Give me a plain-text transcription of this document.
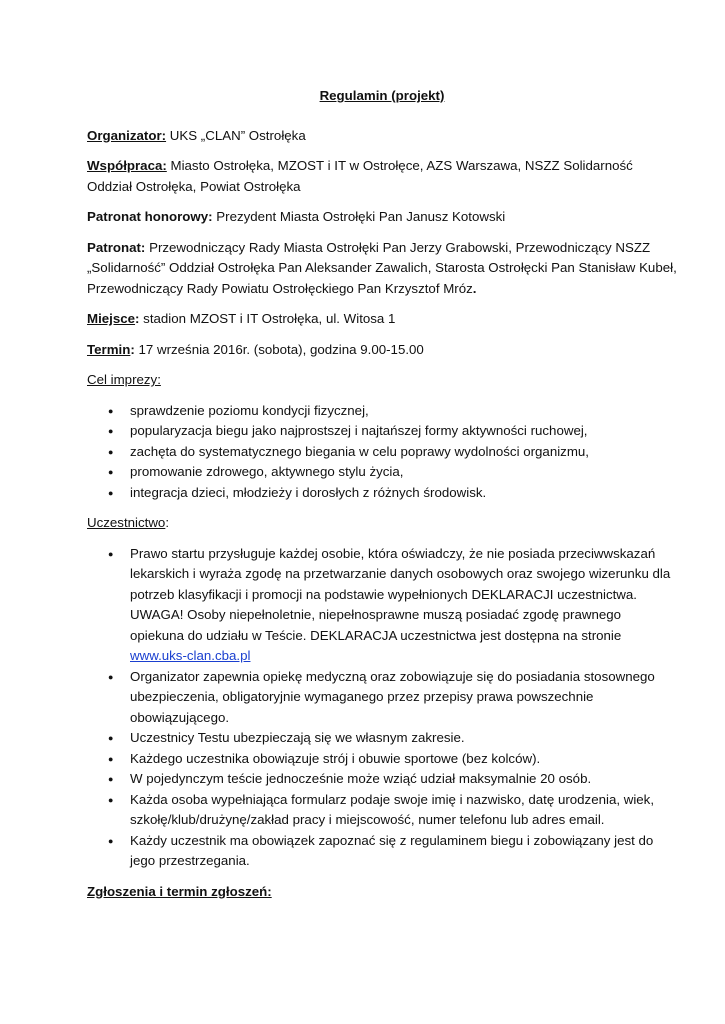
Regulamin (projekt)

Organizator: UKS „CLAN” Ostrołęka

Współpraca: Miasto Ostrołęka, MZOST i IT w Ostrołęce, AZS Warszawa, NSZZ Solidarność Oddział Ostrołęka, Powiat Ostrołęka

Patronat honorowy: Prezydent Miasta Ostrołęki Pan Janusz Kotowski

Patronat: Przewodniczący Rady Miasta Ostrołęki Pan Jerzy Grabowski, Przewodniczący NSZZ „Solidarność” Oddział Ostrołęka Pan Aleksander Zawalich, Starosta Ostrołęcki Pan Stanisław Kubeł, Przewodniczący Rady Powiatu Ostrołęckiego Pan Krzysztof Mróz.

Miejsce: stadion MZOST i IT Ostrołęka, ul. Witosa 1

Termin: 17 września 2016r. (sobota), godzina 9.00-15.00

Cel imprezy:

● sprawdzenie poziomu kondycji fizycznej,
● popularyzacja biegu jako najprostszej i najtańszej formy aktywności ruchowej,
● zachęta do systematycznego biegania w celu poprawy wydolności organizmu,
● promowanie zdrowego, aktywnego stylu życia,
● integracja dzieci, młodzieży i dorosłych z różnych środowisk.

Uczestnictwo:

● Prawo startu przysługuje każdej osobie, która oświadczy, że nie posiada przeciwwskazań lekarskich i wyraża zgodę na przetwarzanie danych osobowych oraz swojego wizerunku dla potrzeb klasyfikacji i promocji na podstawie wypełnionych DEKLARACJI uczestnictwa. UWAGA! Osoby niepełnoletnie, niepełnosprawne muszą posiadać zgodę prawnego opiekuna do udziału w Teście. DEKLARACJA uczestnictwa jest dostępna na stronie www.uks-clan.cba.pl
● Organizator zapewnia opiekę medyczną oraz zobowiązuje się do posiadania stosownego ubezpieczenia, obligatoryjnie wymaganego przez przepisy prawa powszechnie obowiązującego.
● Uczestnicy Testu ubezpieczają się we własnym zakresie.
● Każdego uczestnika obowiązuje strój i obuwie sportowe (bez kolców).
● W pojedynczym teście jednocześnie może wziąć udział maksymalnie 20 osób.
● Każda osoba wypełniająca formularz podaje swoje imię i nazwisko, datę urodzenia, wiek, szkołę/klub/drużynę/zakład pracy i miejscowość, numer telefonu lub adres email.
● Każdy uczestnik ma obowiązek zapoznać się z regulaminem biegu i zobowiązany jest do jego przestrzegania.

Zgłoszenia i termin zgłoszeń:
